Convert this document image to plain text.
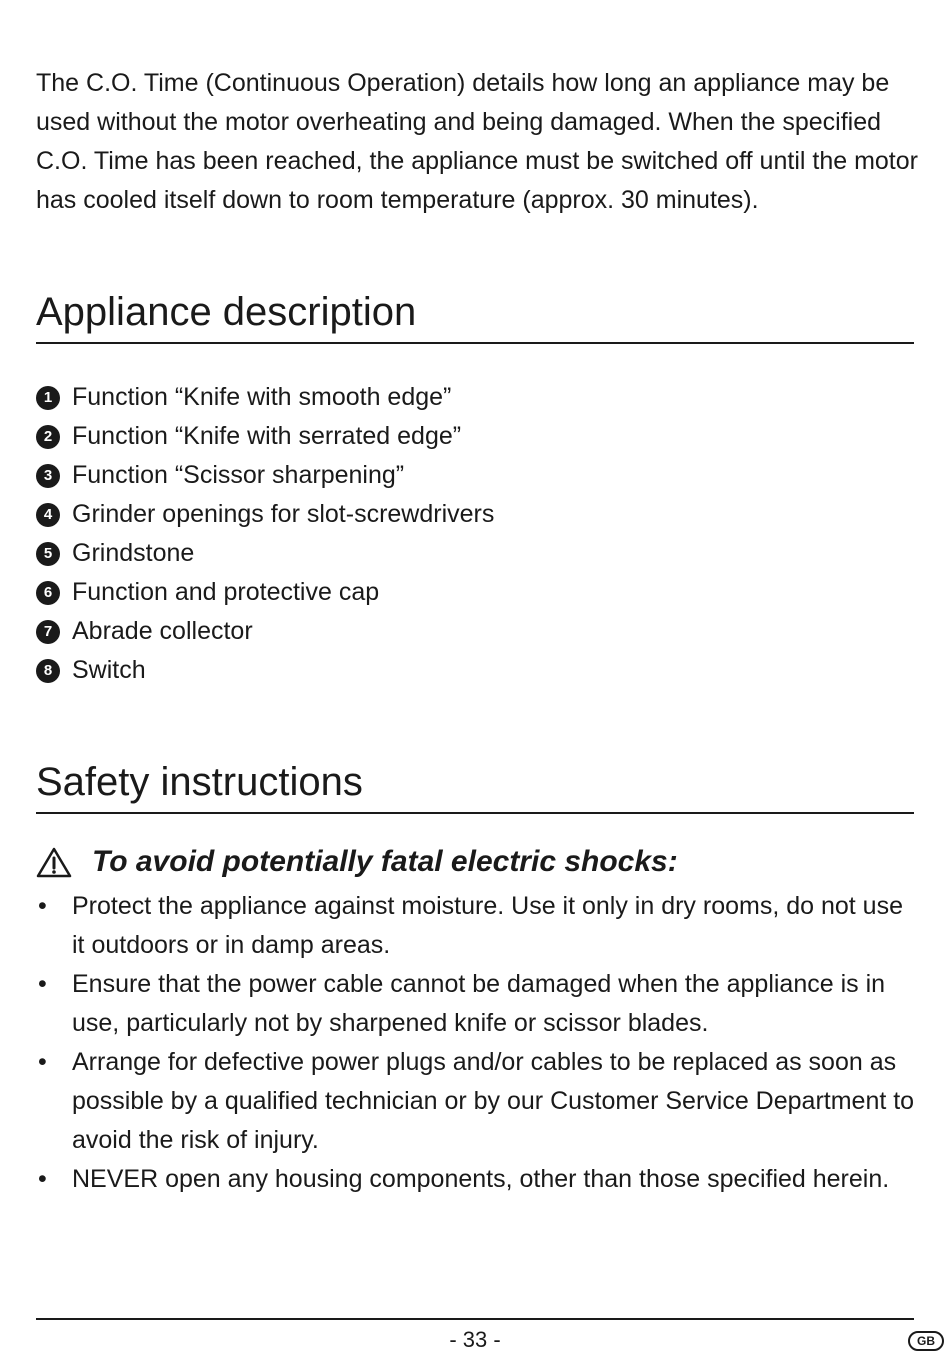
The C.O. Time (Continuous Operation) details how long an appliance may be used without the motor overheating and being damaged. When the specified C.O. Time has been reached, the appliance must be switched off until the motor has cooled itself down to room temperature (approx. 30 minutes).

Appliance description
1 Function “Knife with smooth edge”
2 Function “Knife with serrated edge”
3 Function “Scissor sharpening”
4 Grinder openings for slot-screwdrivers
5 Grindstone
6 Function and protective cap
7 Abrade collector
8 Switch
Safety instructions
To avoid potentially fatal electric shocks:
• Protect the appliance against moisture. Use it only in dry rooms, do not use it outdoors or in damp areas.
• Ensure that the power cable cannot be damaged when the appliance is in use, particularly not by sharpened knife or scissor blades.
• Arrange for defective power plugs and/or cables to be replaced as soon as possible by a qualified technician or by our Customer Service Department to avoid the risk of injury.
• NEVER open any housing components, other than those specified herein.
- 33 -	GB
